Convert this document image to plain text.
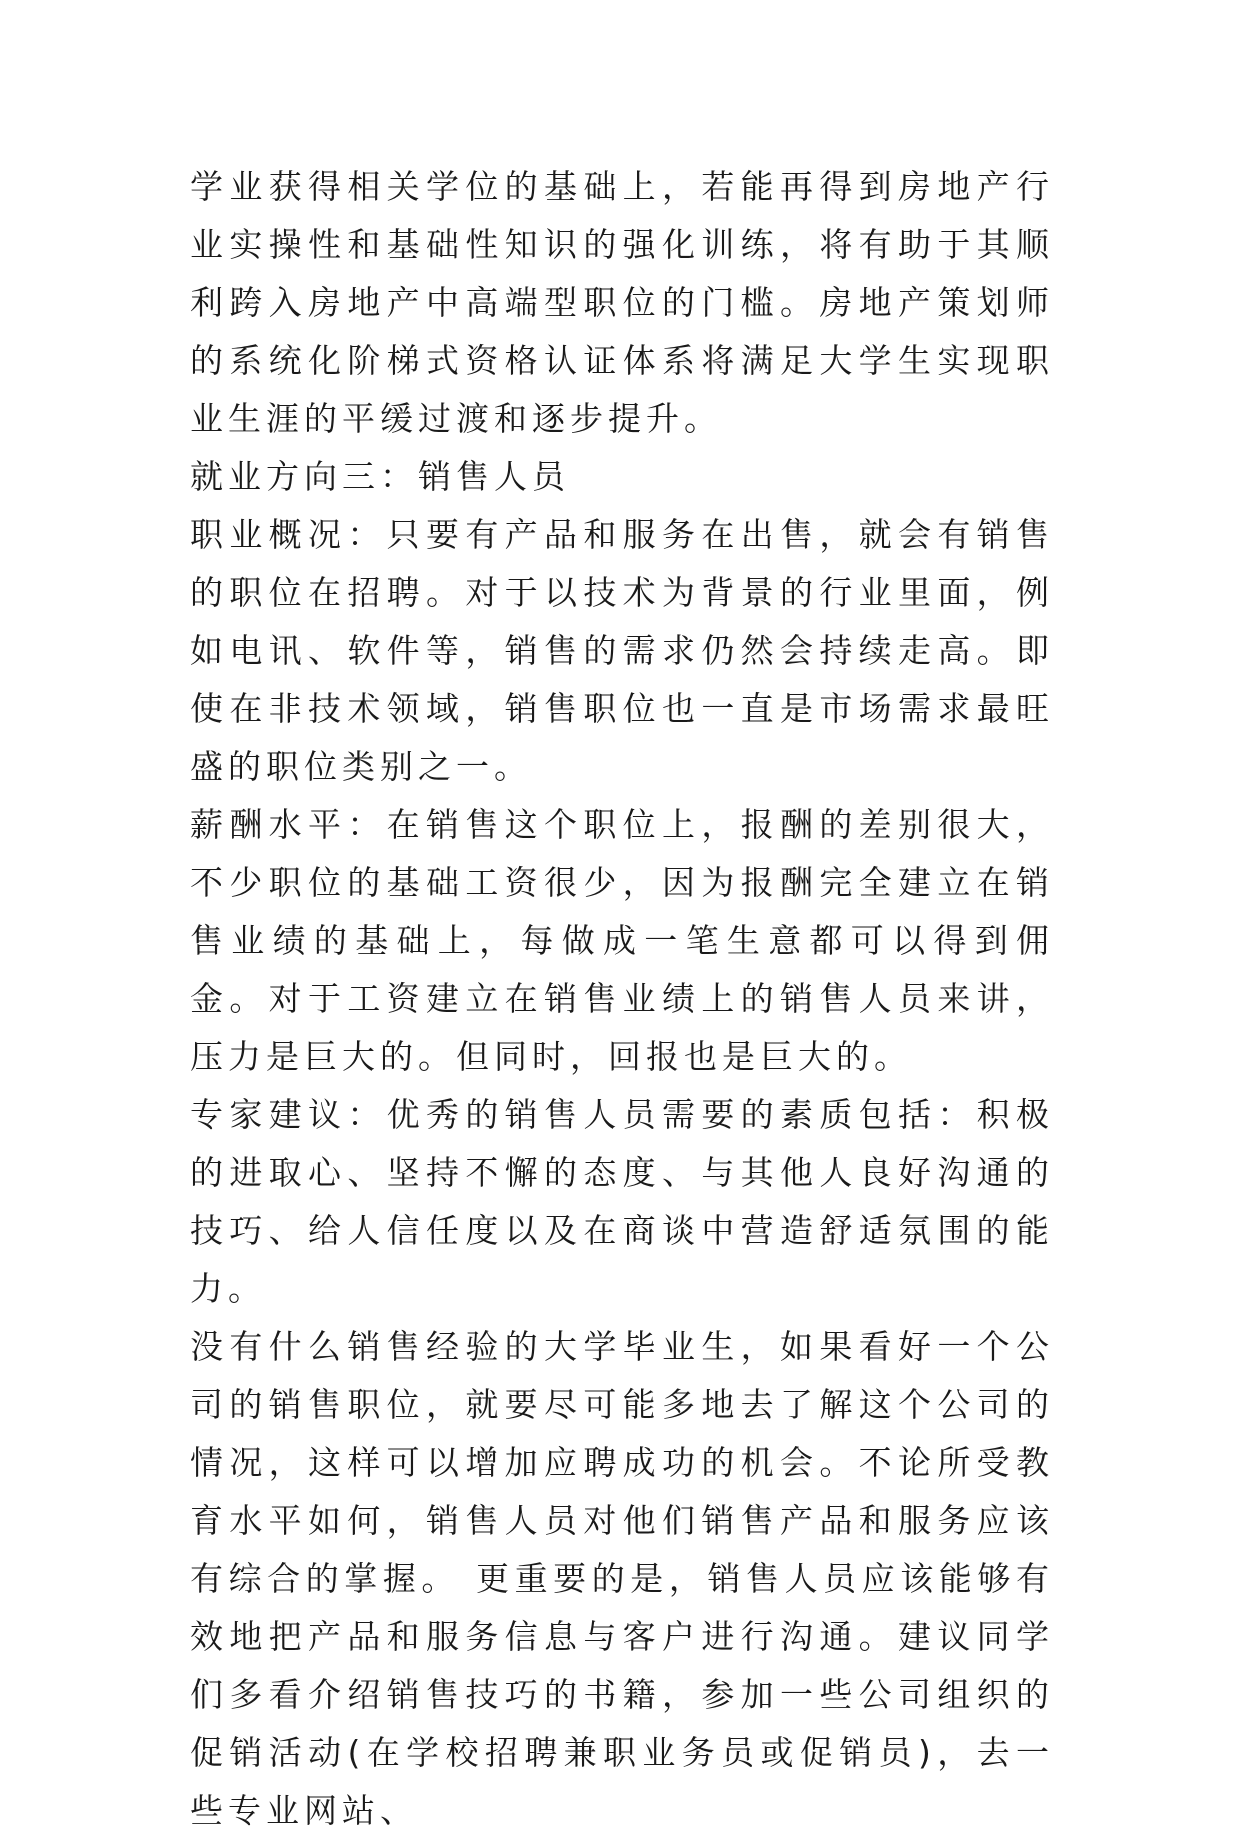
学业获得相关学位的基础上，若能再得到房地产行业实操性和基础性知识的强化训练，将有助于其顺利跨入房地产中高端型职位的门槛。房地产策划师的系统化阶梯式资格认证体系将满足大学生实现职业生涯的平缓过渡和逐步提升。

就业方向三：销售人员

职业概况：只要有产品和服务在出售，就会有销售的职位在招聘。对于以技术为背景的行业里面，例如电讯、软件等，销售的需求仍然会持续走高。即使在非技术领域，销售职位也一直是市场需求最旺盛的职位类别之一。

薪酬水平：在销售这个职位上，报酬的差别很大，不少职位的基础工资很少，因为报酬完全建立在销售业绩的基础上，每做成一笔生意都可以得到佣金。对于工资建立在销售业绩上的销售人员来讲，压力是巨大的。但同时，回报也是巨大的。

专家建议：优秀的销售人员需要的素质包括：积极的进取心、坚持不懈的态度、与其他人良好沟通的技巧、给人信任度以及在商谈中营造舒适氛围的能力。

没有什么销售经验的大学毕业生，如果看好一个公司的销售职位，就要尽可能多地去了解这个公司的情况，这样可以增加应聘成功的机会。不论所受教育水平如何，销售人员对他们销售产品和服务应该有综合的掌握。 更重要的是，销售人员应该能够有效地把产品和服务信息与客户进行沟通。建议同学们多看介绍销售技巧的书籍，参加一些公司组织的促销活动(在学校招聘兼职业务员或促销员)，去一些专业网站、
